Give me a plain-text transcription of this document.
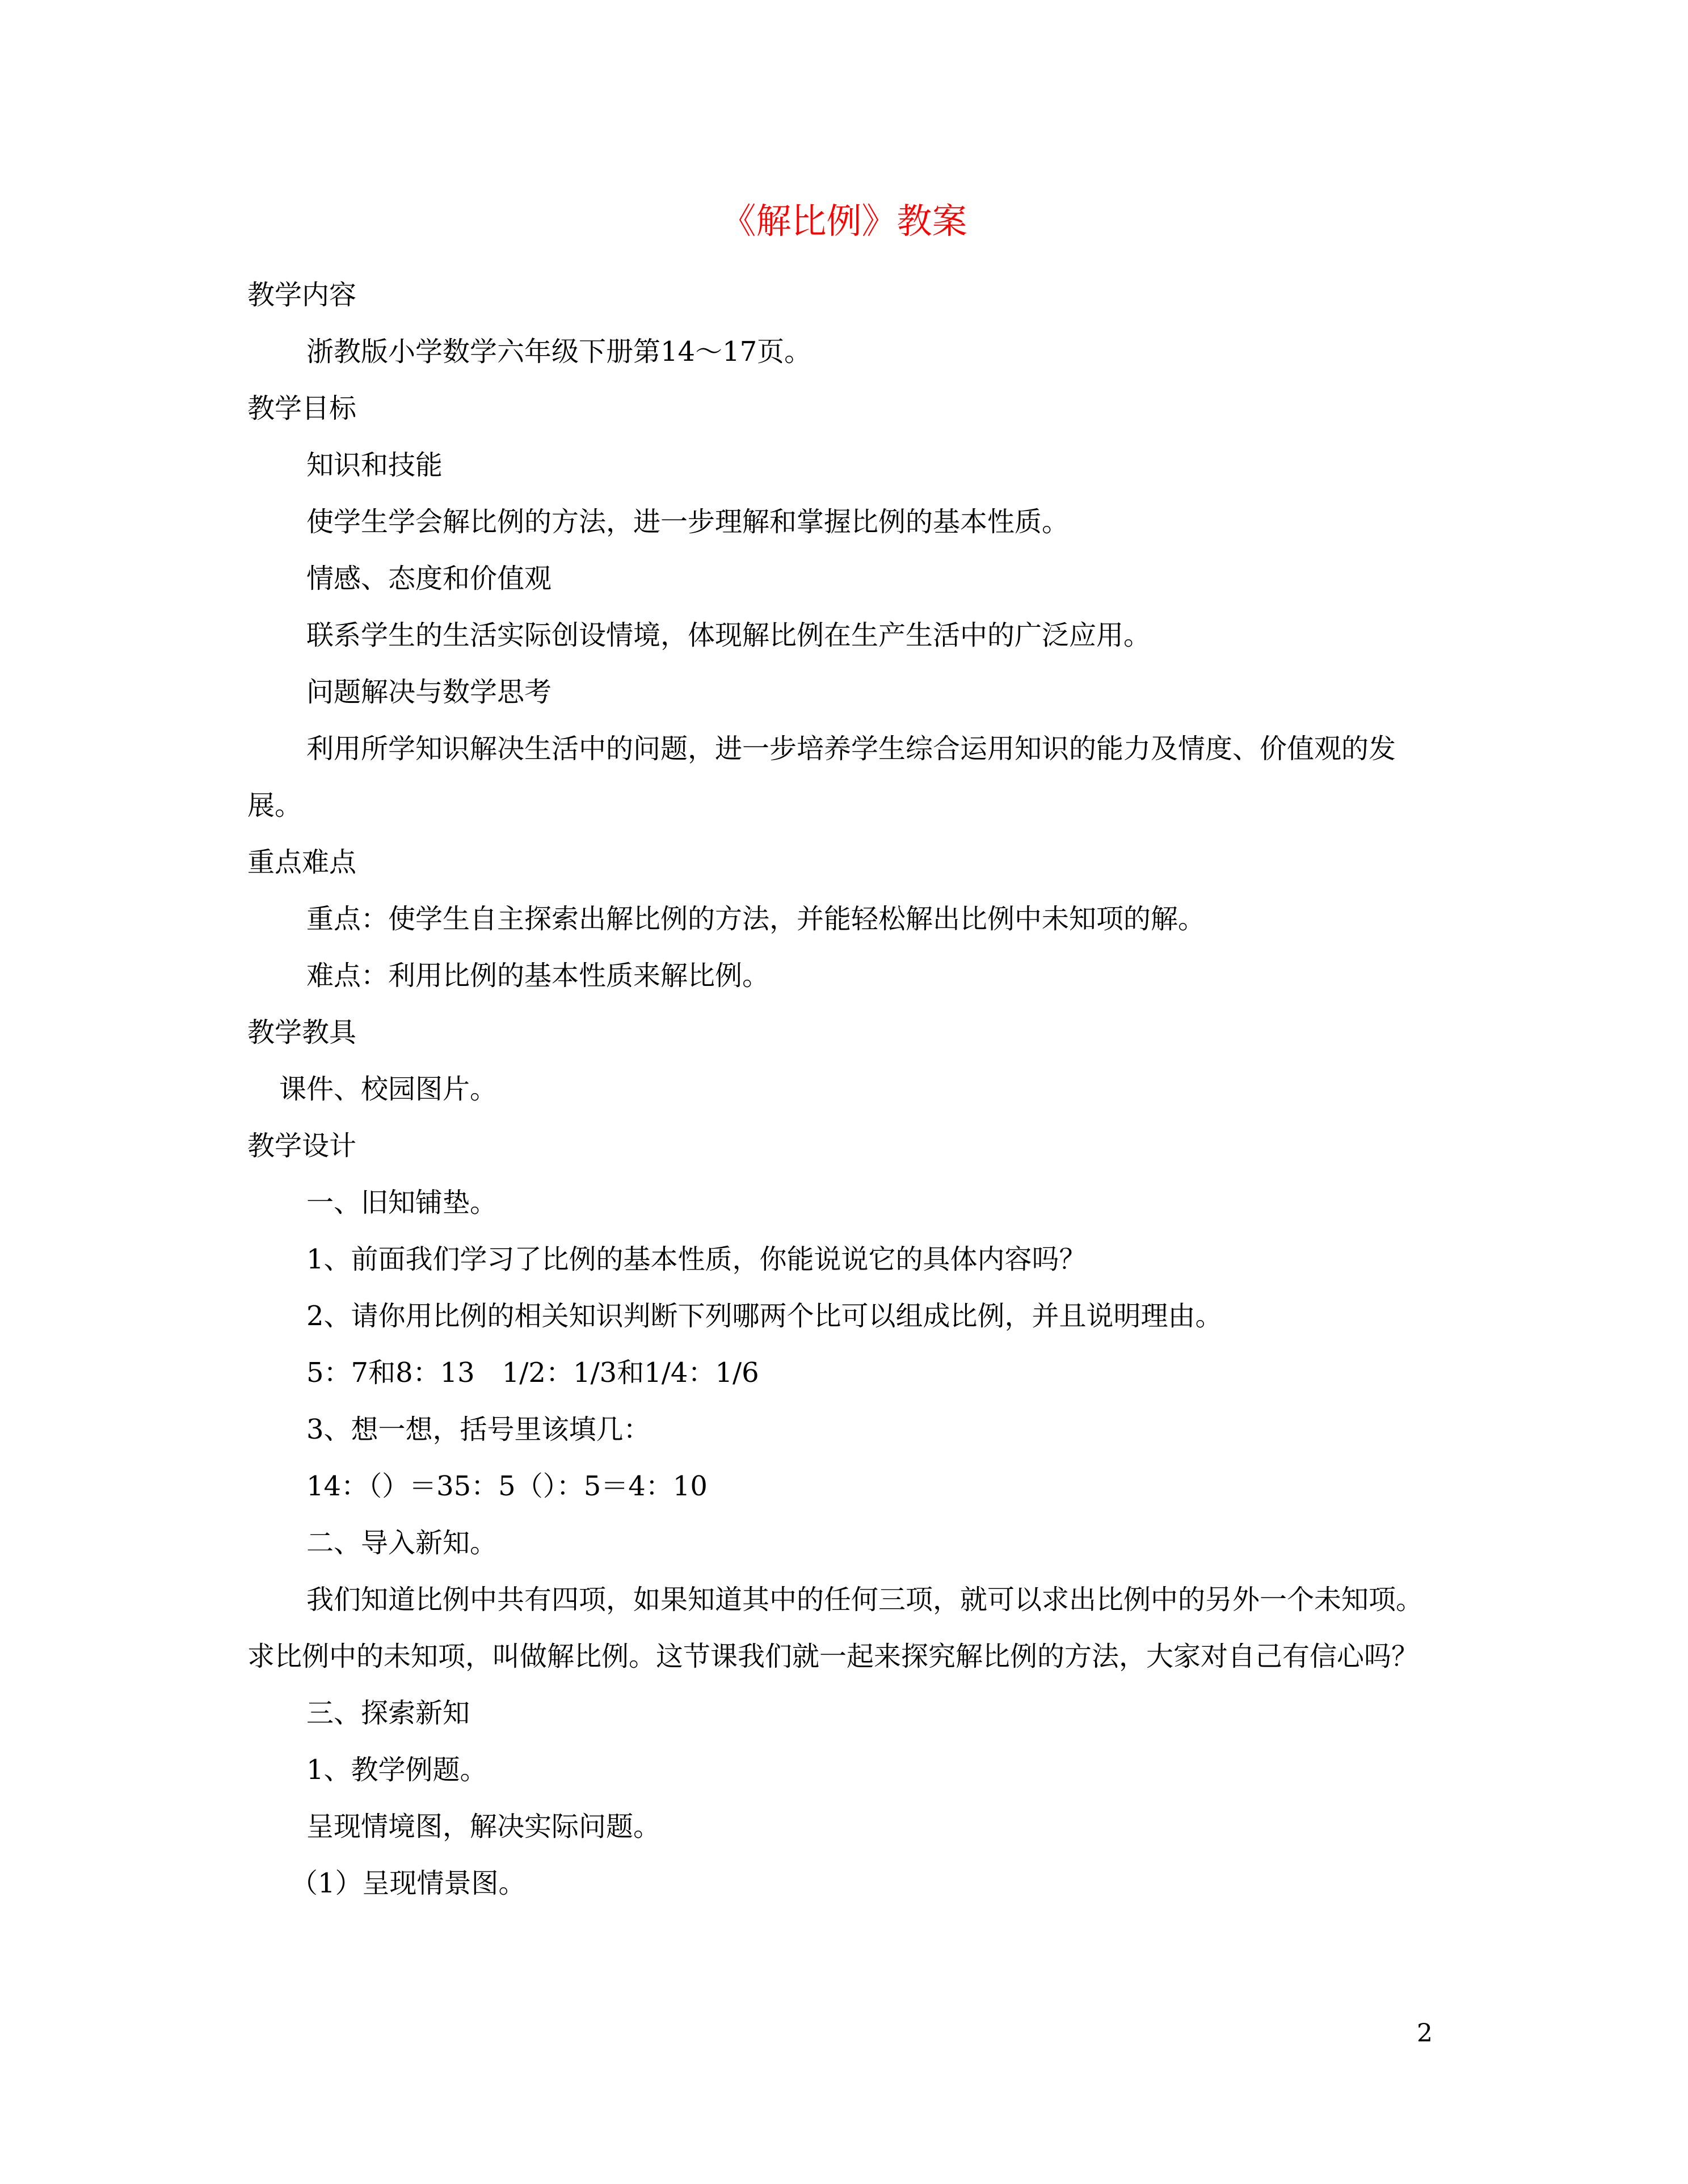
《解比例》教案
教学内容
浙教版小学数学六年级下册第14～17页。
教学目标
知识和技能
使学生学会解比例的方法，进一步理解和掌握比例的基本性质。
情感、态度和价值观
联系学生的生活实际创设情境，体现解比例在生产生活中的广泛应用。
问题解决与数学思考
利用所学知识解决生活中的问题，进一步培养学生综合运用知识的能力及情度、价值观的发展。
重点难点
重点：使学生自主探索出解比例的方法，并能轻松解出比例中未知项的解。
难点：利用比例的基本性质来解比例。
教学教具
课件、校园图片。
教学设计
一、旧知铺垫。
1、前面我们学习了比例的基本性质，你能说说它的具体内容吗？
2、请你用比例的相关知识判断下列哪两个比可以组成比例，并且说明理由。
5：7和8：13　1/2：1/3和1/4：1/6
3、想一想，括号里该填几：
14：（）＝35：5（）：5＝4：10
二、导入新知。
我们知道比例中共有四项，如果知道其中的任何三项，就可以求出比例中的另外一个未知项。求比例中的未知项，叫做解比例。这节课我们就一起来探究解比例的方法，大家对自己有信心吗？
三、探索新知
1、教学例题。
呈现情境图，解决实际问题。
（1）呈现情景图。
2
